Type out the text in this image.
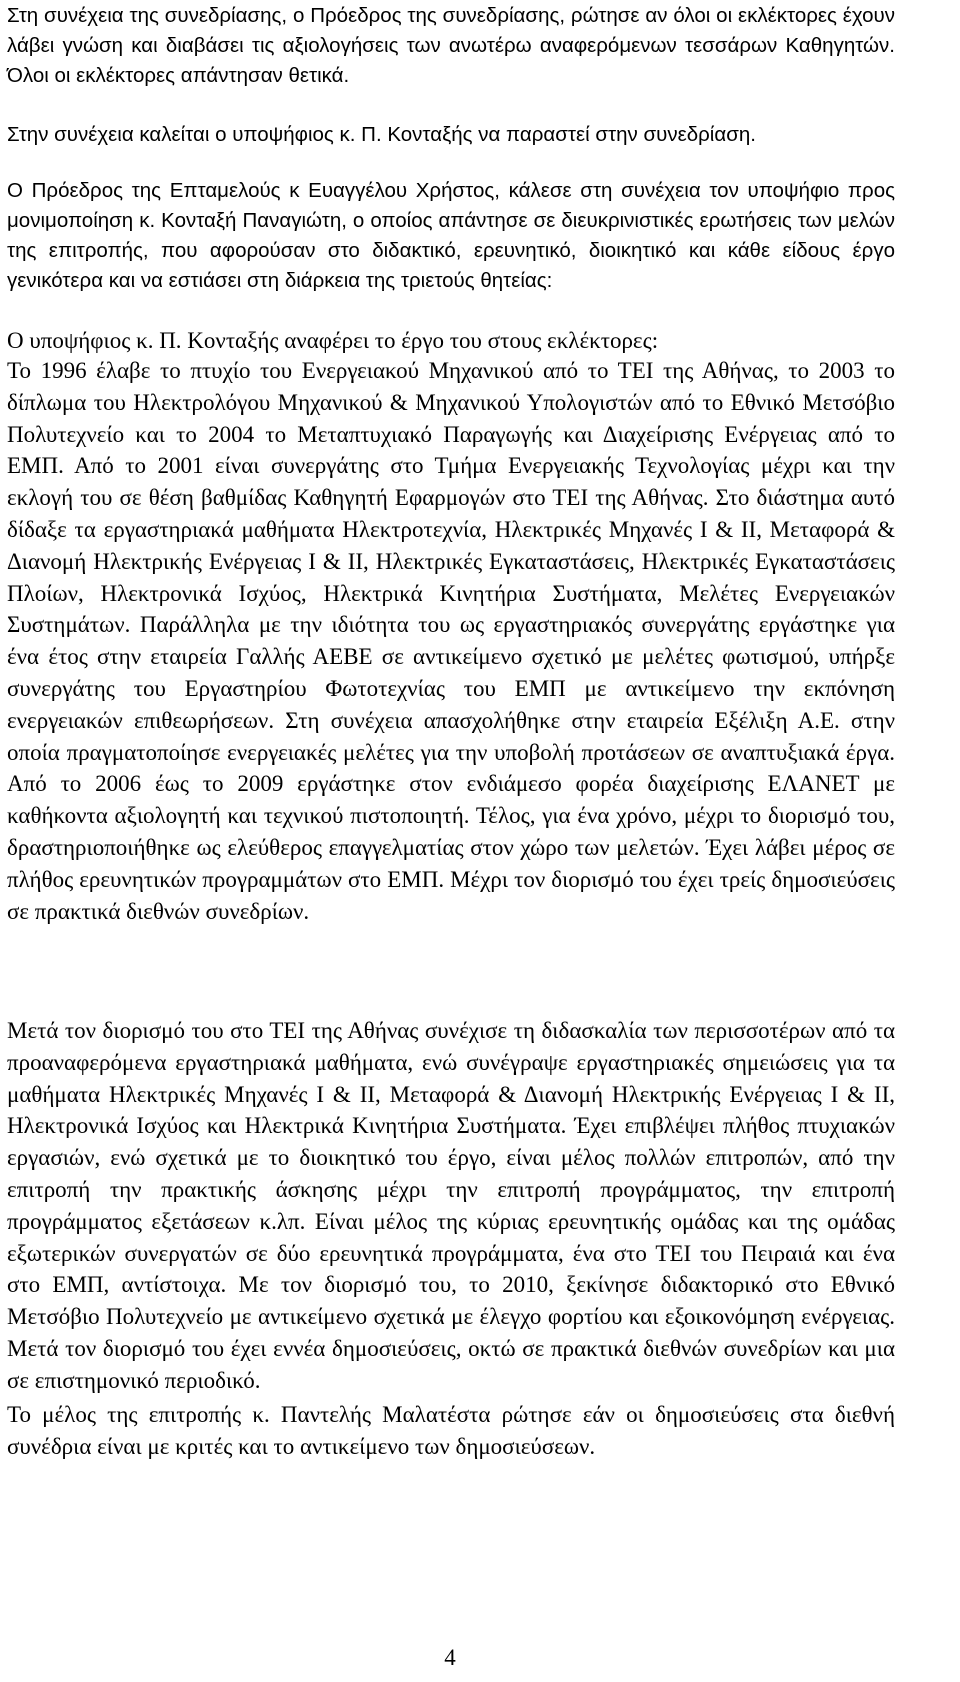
Στη συνέχεια της συνεδρίασης, ο Πρόεδρος της συνεδρίασης, ρώτησε αν όλοι οι εκλέκτορες έχουν λάβει γνώση και διαβάσει τις αξιολογήσεις των ανωτέρω αναφερόμενων τεσσάρων Καθηγητών. Όλοι οι εκλέκτορες απάντησαν θετικά.

Στην συνέχεια καλείται ο υποψήφιος κ. Π. Κονταξής να παραστεί στην συνεδρίαση.

Ο Πρόεδρος της Επταμελούς κ Ευαγγέλου Χρήστος, κάλεσε στη συνέχεια τον υποψήφιο προς μονιμοποίηση κ. Κονταξή Παναγιώτη, ο οποίος απάντησε σε διευκρινιστικές ερωτήσεις των μελών της επιτροπής, που αφορούσαν στο διδακτικό, ερευνητικό, διοικητικό και κάθε είδους έργο γενικότερα και να εστιάσει στη διάρκεια της τριετούς θητείας:

Ο υποψήφιος κ. Π. Κονταξής αναφέρει το έργο του στους εκλέκτορες:

Το 1996 έλαβε το πτυχίο του Ενεργειακού Μηχανικού από το ΤΕΙ της Αθήνας, το 2003 το δίπλωμα του Ηλεκτρολόγου Μηχανικού & Μηχανικού Υπολογιστών από το Εθνικό Μετσόβιο Πολυτεχνείο και το 2004 το Μεταπτυχιακό Παραγωγής και Διαχείρισης Ενέργειας από το ΕΜΠ. Από το 2001 είναι συνεργάτης στο Τμήμα Ενεργειακής Τεχνολογίας μέχρι και την εκλογή του σε θέση βαθμίδας Καθηγητή Εφαρμογών στο ΤΕΙ της Αθήνας. Στο διάστημα αυτό δίδαξε τα εργαστηριακά μαθήματα Ηλεκτροτεχνία, Ηλεκτρικές Μηχανές Ι & ΙΙ, Μεταφορά & Διανομή Ηλεκτρικής Ενέργειας Ι & ΙΙ, Ηλεκτρικές Εγκαταστάσεις, Ηλεκτρικές Εγκαταστάσεις Πλοίων, Ηλεκτρονικά Ισχύος, Ηλεκτρικά Κινητήρια Συστήματα, Μελέτες Ενεργειακών Συστημάτων. Παράλληλα με την ιδιότητα του ως εργαστηριακός συνεργάτης εργάστηκε για ένα έτος στην εταιρεία Γαλλής ΑΕΒΕ σε αντικείμενο σχετικό με μελέτες φωτισμού, υπήρξε συνεργάτης του Εργαστηρίου Φωτοτεχνίας του ΕΜΠ με αντικείμενο την εκπόνηση ενεργειακών επιθεωρήσεων. Στη συνέχεια απασχολήθηκε στην εταιρεία Εξέλιξη Α.Ε. στην οποία πραγματοποίησε ενεργειακές μελέτες για την υποβολή προτάσεων σε αναπτυξιακά έργα. Από το 2006 έως το 2009 εργάστηκε στον ενδιάμεσο φορέα διαχείρισης ΕΛΑΝΕΤ με καθήκοντα αξιολογητή και τεχνικού πιστοποιητή. Τέλος, για ένα χρόνο, μέχρι το διορισμό του, δραστηριοποιήθηκε ως ελεύθερος επαγγελματίας στον χώρο των μελετών. Έχει λάβει μέρος σε πλήθος ερευνητικών προγραμμάτων στο ΕΜΠ. Μέχρι τον διορισμό του έχει τρείς δημοσιεύσεις σε πρακτικά διεθνών συνεδρίων.

Μετά τον διορισμό του στο ΤΕΙ της Αθήνας συνέχισε τη διδασκαλία των περισσοτέρων από τα προαναφερόμενα εργαστηριακά μαθήματα, ενώ συνέγραψε εργαστηριακές σημειώσεις για τα μαθήματα Ηλεκτρικές Μηχανές Ι & ΙΙ, Μεταφορά & Διανομή Ηλεκτρικής Ενέργειας Ι & ΙΙ, Ηλεκτρονικά Ισχύος και Ηλεκτρικά Κινητήρια Συστήματα. Έχει επιβλέψει πλήθος πτυχιακών εργασιών, ενώ σχετικά με το διοικητικό του έργο, είναι μέλος πολλών επιτροπών, από την επιτροπή την πρακτικής άσκησης μέχρι την επιτροπή προγράμματος, την επιτροπή προγράμματος εξετάσεων κ.λπ. Είναι μέλος της κύριας ερευνητικής ομάδας και της ομάδας εξωτερικών συνεργατών σε δύο ερευνητικά προγράμματα, ένα στο ΤΕΙ του Πειραιά και ένα στο ΕΜΠ, αντίστοιχα. Με τον διορισμό του, το 2010, ξεκίνησε διδακτορικό στο Εθνικό Μετσόβιο Πολυτεχνείο με αντικείμενο σχετικά με έλεγχο φορτίου και εξοικονόμηση ενέργειας. Μετά τον διορισμό του έχει εννέα δημοσιεύσεις, οκτώ σε πρακτικά διεθνών συνεδρίων και μια σε επιστημονικό περιοδικό.

Το μέλος της επιτροπής κ. Παντελής Μαλατέστα ρώτησε εάν οι δημοσιεύσεις στα διεθνή συνέδρια είναι με κριτές και το αντικείμενο των δημοσιεύσεων.

4
